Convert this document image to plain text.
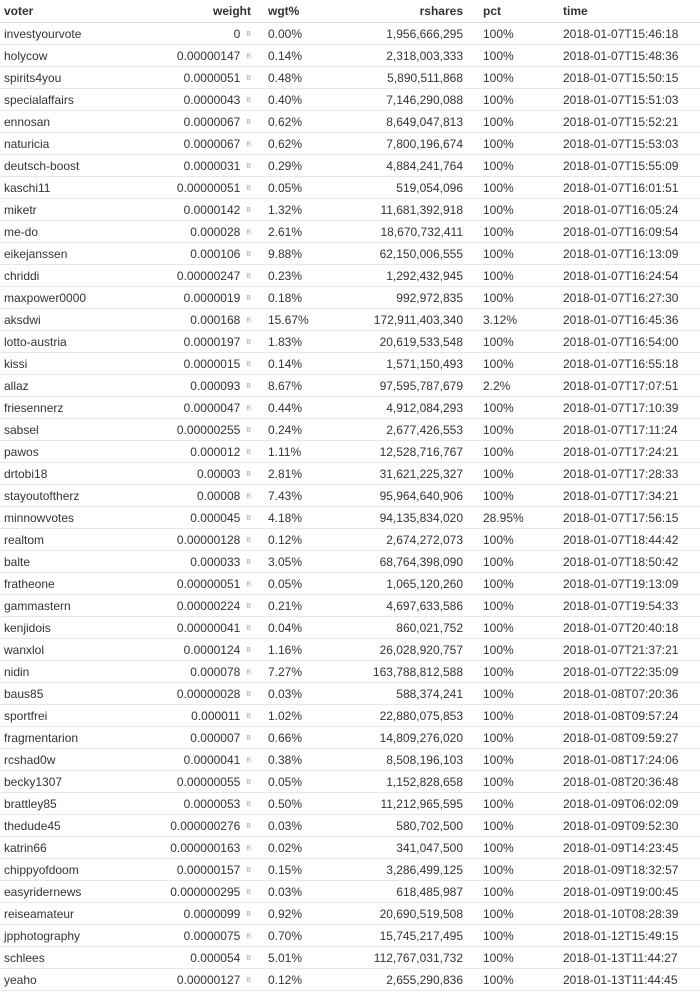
voter	weight	wgt%	rshares	pct	time
investyourvote	0 B	0.00%	1,956,666,295	100%	2018-01-07T15:46:18
holycow	0.00000147 B	0.14%	2,318,003,333	100%	2018-01-07T15:48:36
spirits4you	0.0000051 B	0.48%	5,890,511,868	100%	2018-01-07T15:50:15
specialaffairs	0.0000043 B	0.40%	7,146,290,088	100%	2018-01-07T15:51:03
ennosan	0.0000067 B	0.62%	8,649,047,813	100%	2018-01-07T15:52:21
naturicia	0.0000067 B	0.62%	7,800,196,674	100%	2018-01-07T15:53:03
deutsch-boost	0.0000031 B	0.29%	4,884,241,764	100%	2018-01-07T15:55:09
kaschi11	0.00000051 B	0.05%	519,054,096	100%	2018-01-07T16:01:51
miketr	0.0000142 B	1.32%	11,681,392,918	100%	2018-01-07T16:05:24
me-do	0.000028 B	2.61%	18,670,732,411	100%	2018-01-07T16:09:54
eikejanssen	0.000106 B	9.88%	62,150,006,555	100%	2018-01-07T16:13:09
chriddi	0.00000247 B	0.23%	1,292,432,945	100%	2018-01-07T16:24:54
maxpower0000	0.0000019 B	0.18%	992,972,835	100%	2018-01-07T16:27:30
aksdwi	0.000168 B	15.67%	172,911,403,340	3.12%	2018-01-07T16:45:36
lotto-austria	0.0000197 B	1.83%	20,619,533,548	100%	2018-01-07T16:54:00
kissi	0.0000015 B	0.14%	1,571,150,493	100%	2018-01-07T16:55:18
allaz	0.000093 B	8.67%	97,595,787,679	2.2%	2018-01-07T17:07:51
friesennerz	0.0000047 B	0.44%	4,912,084,293	100%	2018-01-07T17:10:39
sabsel	0.00000255 B	0.24%	2,677,426,553	100%	2018-01-07T17:11:24
pawos	0.000012 B	1.11%	12,528,716,767	100%	2018-01-07T17:24:21
drtobi18	0.00003 B	2.81%	31,621,225,327	100%	2018-01-07T17:28:33
stayoutoftherz	0.00008 B	7.43%	95,964,640,906	100%	2018-01-07T17:34:21
minnowvotes	0.000045 B	4.18%	94,135,834,020	28.95%	2018-01-07T17:56:15
realtom	0.00000128 B	0.12%	2,674,272,073	100%	2018-01-07T18:44:42
balte	0.000033 B	3.05%	68,764,398,090	100%	2018-01-07T18:50:42
fratheone	0.00000051 B	0.05%	1,065,120,260	100%	2018-01-07T19:13:09
gammastern	0.00000224 B	0.21%	4,697,633,586	100%	2018-01-07T19:54:33
kenjidois	0.00000041 B	0.04%	860,021,752	100%	2018-01-07T20:40:18
wanxlol	0.0000124 B	1.16%	26,028,920,757	100%	2018-01-07T21:37:21
nidin	0.000078 B	7.27%	163,788,812,588	100%	2018-01-07T22:35:09
baus85	0.00000028 B	0.03%	588,374,241	100%	2018-01-08T07:20:36
sportfrei	0.000011 B	1.02%	22,880,075,853	100%	2018-01-08T09:57:24
fragmentarion	0.000007 B	0.66%	14,809,276,020	100%	2018-01-08T09:59:27
rcshad0w	0.0000041 B	0.38%	8,508,196,103	100%	2018-01-08T17:24:06
becky1307	0.00000055 B	0.05%	1,152,828,658	100%	2018-01-08T20:36:48
brattley85	0.0000053 B	0.50%	11,212,965,595	100%	2018-01-09T06:02:09
thedude45	0.000000276 B	0.03%	580,702,500	100%	2018-01-09T09:52:30
katrin66	0.000000163 B	0.02%	341,047,500	100%	2018-01-09T14:23:45
chippyofdoom	0.00000157 B	0.15%	3,286,499,125	100%	2018-01-09T18:32:57
easyridernews	0.000000295 B	0.03%	618,485,987	100%	2018-01-09T19:00:45
reiseamateur	0.0000099 B	0.92%	20,690,519,508	100%	2018-01-10T08:28:39
jpphotography	0.0000075 B	0.70%	15,745,217,495	100%	2018-01-12T15:49:15
schlees	0.000054 B	5.01%	112,767,031,732	100%	2018-01-13T11:44:27
yeaho	0.00000127 B	0.12%	2,655,290,836	100%	2018-01-13T11:44:45
